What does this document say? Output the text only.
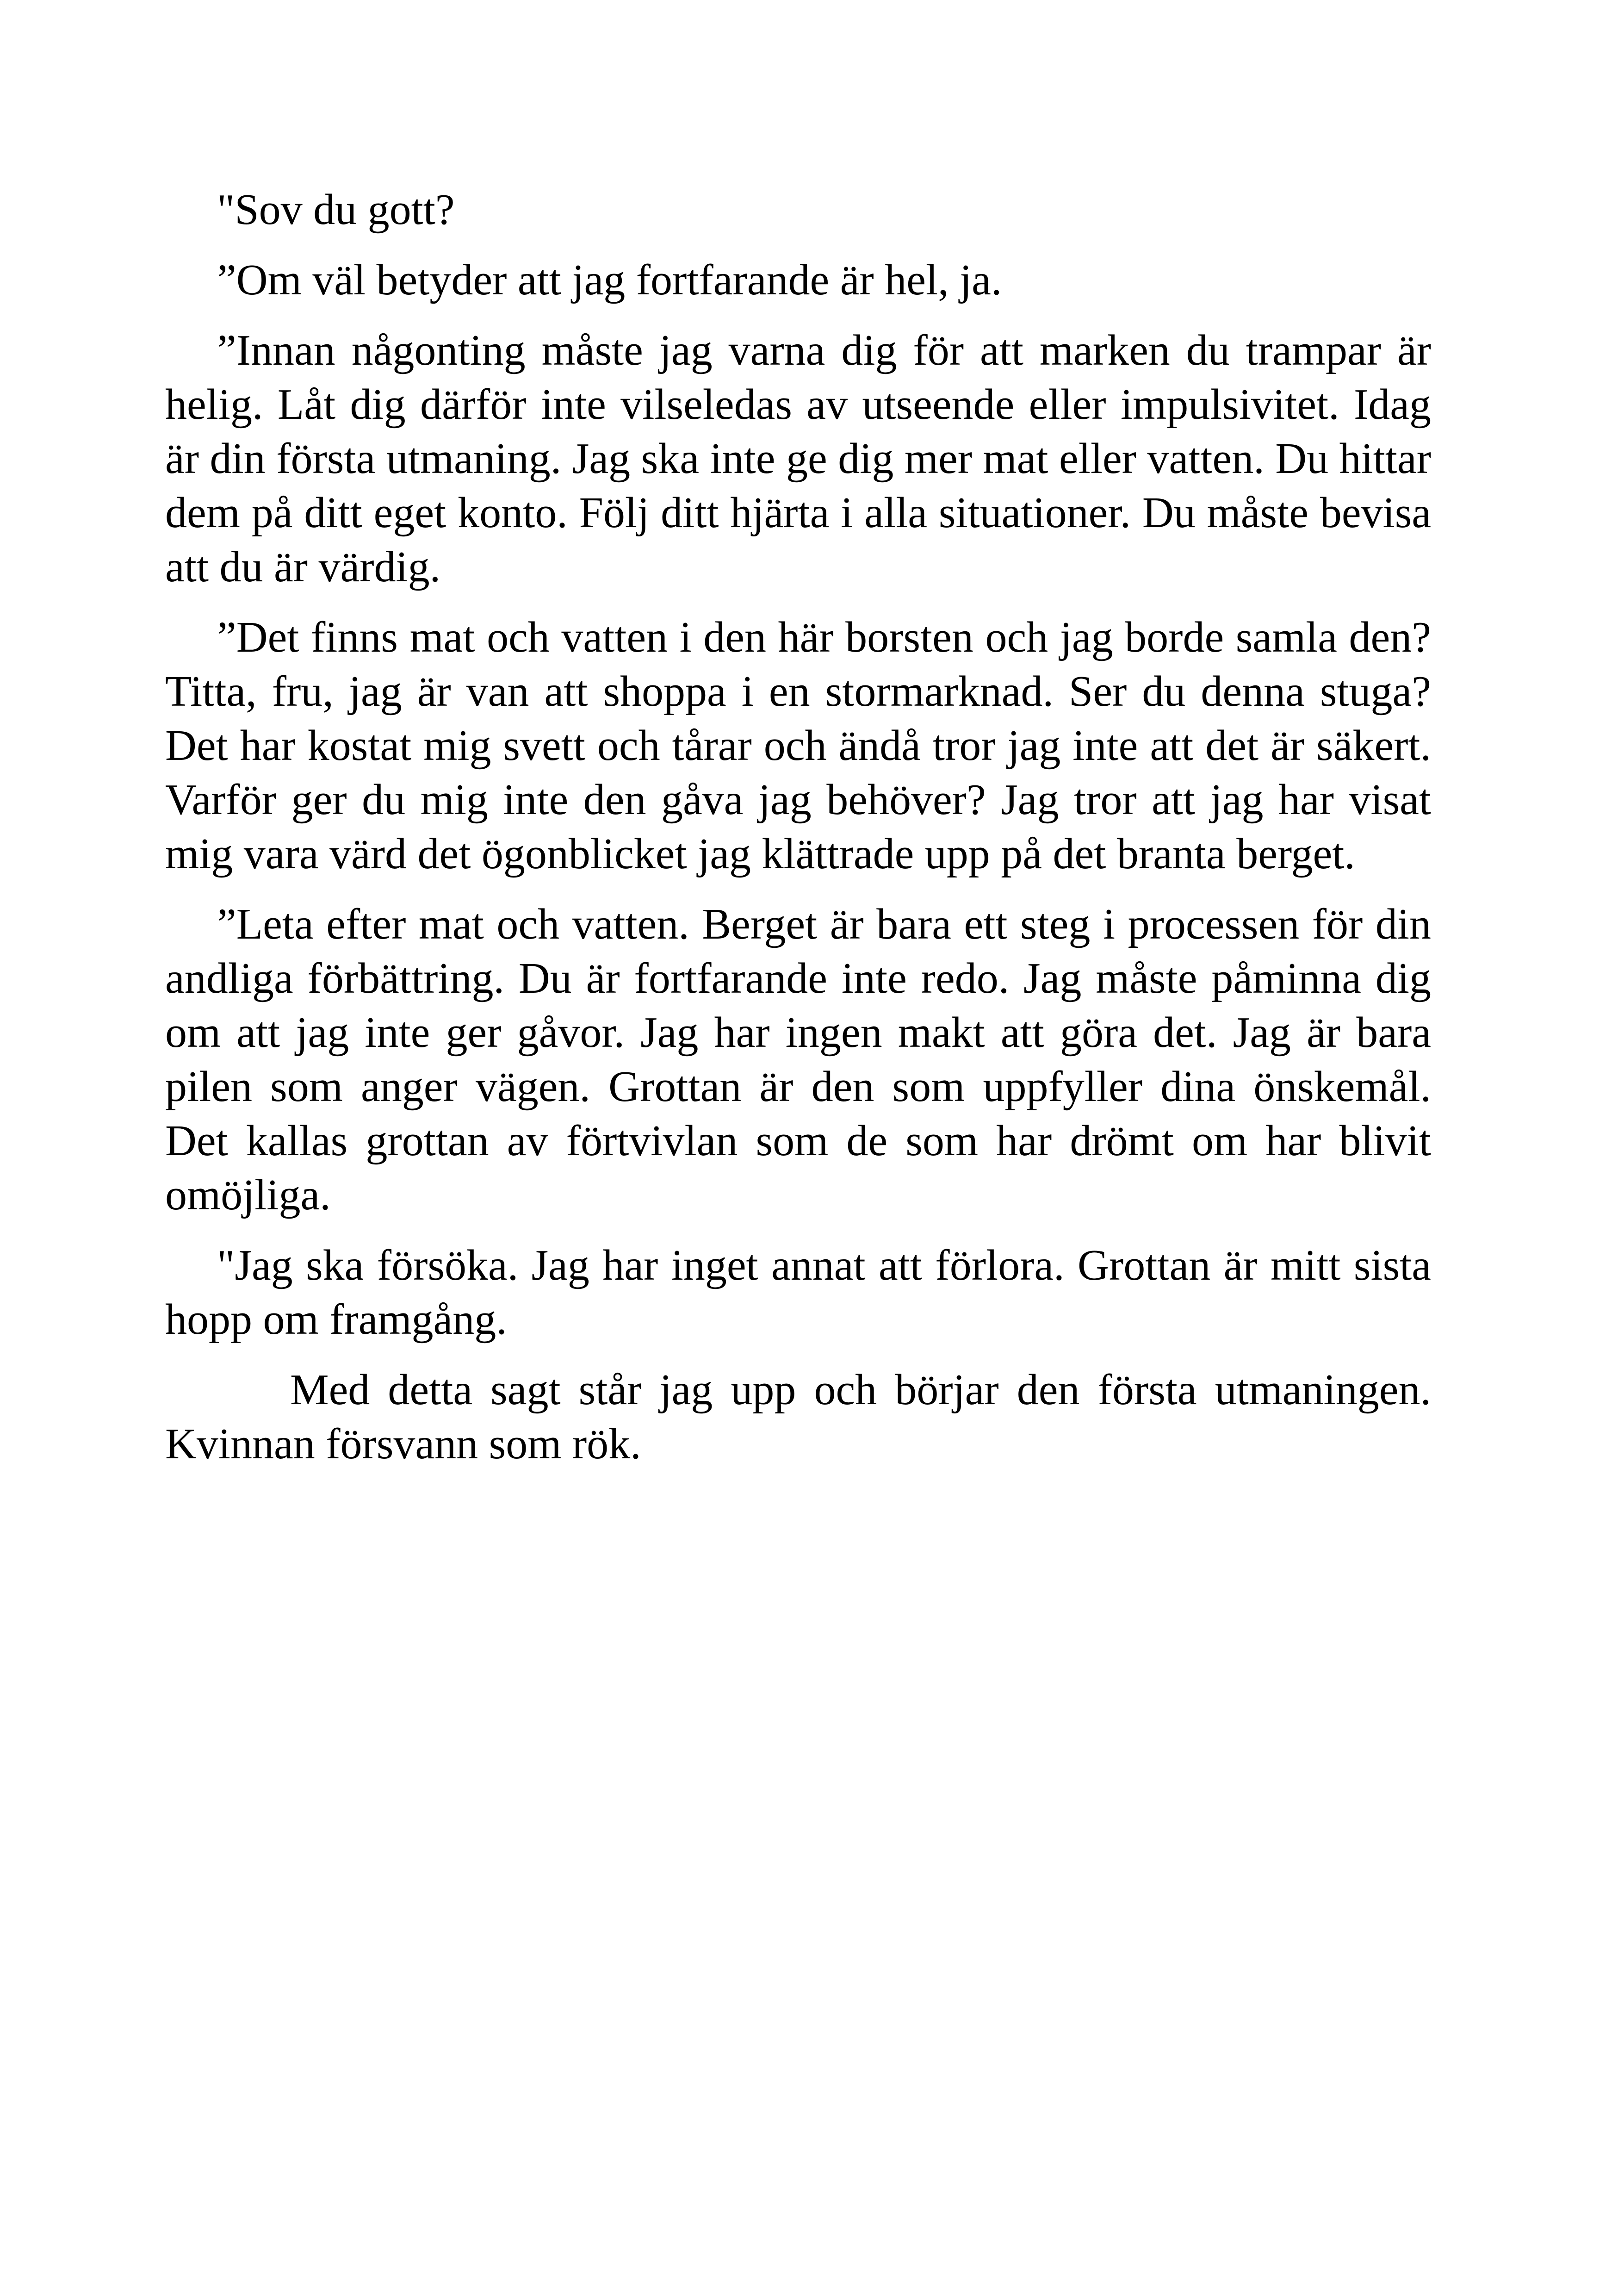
"Sov du gott?

”Om väl betyder att jag fortfarande är hel, ja.

”Innan någonting måste jag varna dig för att marken du trampar är helig. Låt dig därför inte vilseledas av utseende eller impulsivitet. Idag är din första utmaning. Jag ska inte ge dig mer mat eller vatten. Du hittar dem på ditt eget konto. Följ ditt hjärta i alla situationer. Du måste bevisa att du är värdig.

”Det finns mat och vatten i den här borsten och jag borde samla den? Titta, fru, jag är van att shoppa i en stormarknad. Ser du denna stuga? Det har kostat mig svett och tårar och ändå tror jag inte att det är säkert. Varför ger du mig inte den gåva jag behöver? Jag tror att jag har visat mig vara värd det ögonblicket jag klättrade upp på det branta berget.

”Leta efter mat och vatten. Berget är bara ett steg i processen för din andliga förbättring. Du är fortfarande inte redo. Jag måste påminna dig om att jag inte ger gåvor. Jag har ingen makt att göra det. Jag är bara pilen som anger vägen. Grottan är den som uppfyller dina önskemål. Det kallas grottan av förtvivlan som de som har drömt om har blivit omöjliga.

"Jag ska försöka. Jag har inget annat att förlora. Grottan är mitt sista hopp om framgång.

Med detta sagt står jag upp och börjar den första utmaningen. Kvinnan försvann som rök.
